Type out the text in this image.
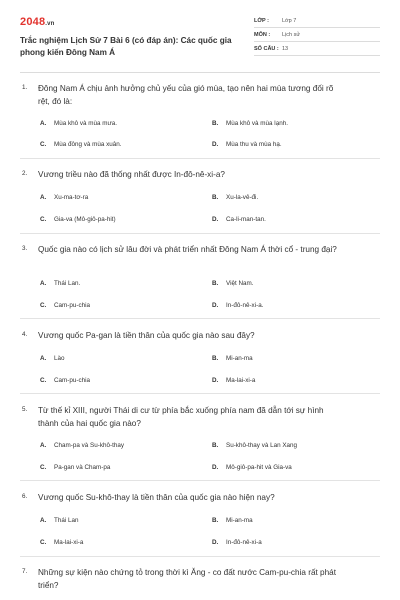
2048.vn
Trắc nghiệm Lịch Sử 7 Bài 6 (có đáp án): Các quốc gia
phong kiến Đông Nam Á
LỚP : Lớp 7
MÔN : Lịch sử
SỐ CÂU : 13
1. Đông Nam Á chịu ảnh hưởng chủ yếu của gió mùa, tạo nên hai mùa tương đối rõ
rệt, đó là:
A. Mùa khô và mùa mưa.	B. Mùa khô và mùa lạnh.
C. Mùa đông và mùa xuân.	D. Mùa thu và mùa hạ.
2. Vương triều nào đã thống nhất được In-đô-nê-xi-a?
A. Xu-ma-tơ-ra	B. Xu-la-vê-đi.
C. Gia-va (Mô-giô-pa-hit)	D. Ca-li-man-tan.
3. Quốc gia nào có lịch sử lâu đời và phát triển nhất Đông Nam Á thời cổ - trung đại?
A. Thái Lan.	B. Việt Nam.
C. Cam-pu-chia	D. In-đô-nê-xi-a.
4. Vương quốc Pa-gan là tiền thân của quốc gia nào sau đây?
A. Lào	B. Mi-an-ma
C. Cam-pu-chia	D. Ma-lai-xi-a
5. Từ thế kỉ XIII, người Thái di cư từ phía bắc xuống phía nam đã dẫn tới sự hình
thành của hai quốc gia nào?
A. Cham-pa và Su-khô-thay	B. Su-khô-thay và Lan Xang
C. Pa-gan và Cham-pa	D. Mô-giô-pa-hit và Gia-va
6. Vương quốc Su-khô-thay là tiền thân của quốc gia nào hiện nay?
A. Thái Lan	B. Mi-an-ma
C. Ma-lai-xi-a	D. In-đô-nê-xi-a
7. Những sự kiện nào chứng tỏ trong thời kì Ăng - co đất nước Cam-pu-chia rất phát
triển?
